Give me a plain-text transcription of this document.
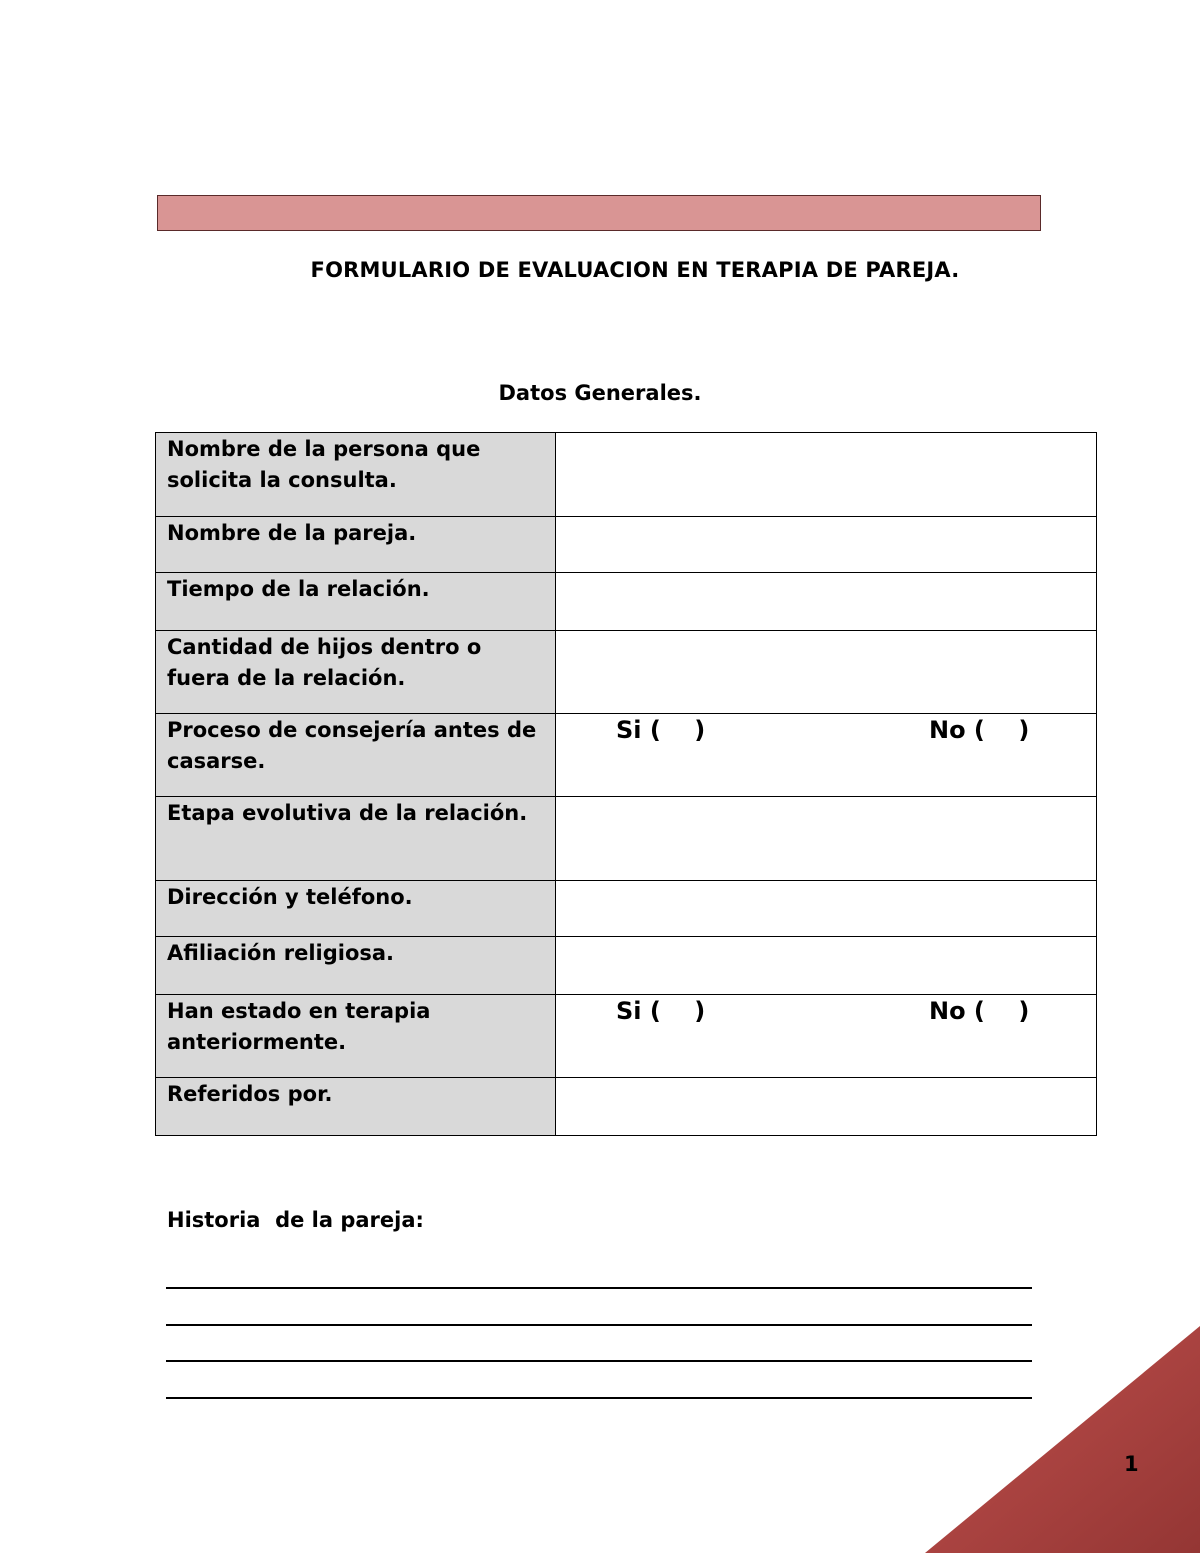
FORMULARIO DE EVALUACION EN TERAPIA DE PAREJA.
Datos Generales.
Nombre de la persona que solicita la consulta.	
Nombre de la pareja.	
Tiempo de la relación.	
Cantidad de hijos dentro o fuera de la relación.	
Proceso de consejería antes de casarse.	Si (    ) No (    )

Etapa evolutiva de la relación.	
Dirección y teléfono.	
Afiliación religiosa.	
Han estado en terapia anteriormente.	Si (    ) No (    )

Referidos por.	
Historia  de la pareja:
1
